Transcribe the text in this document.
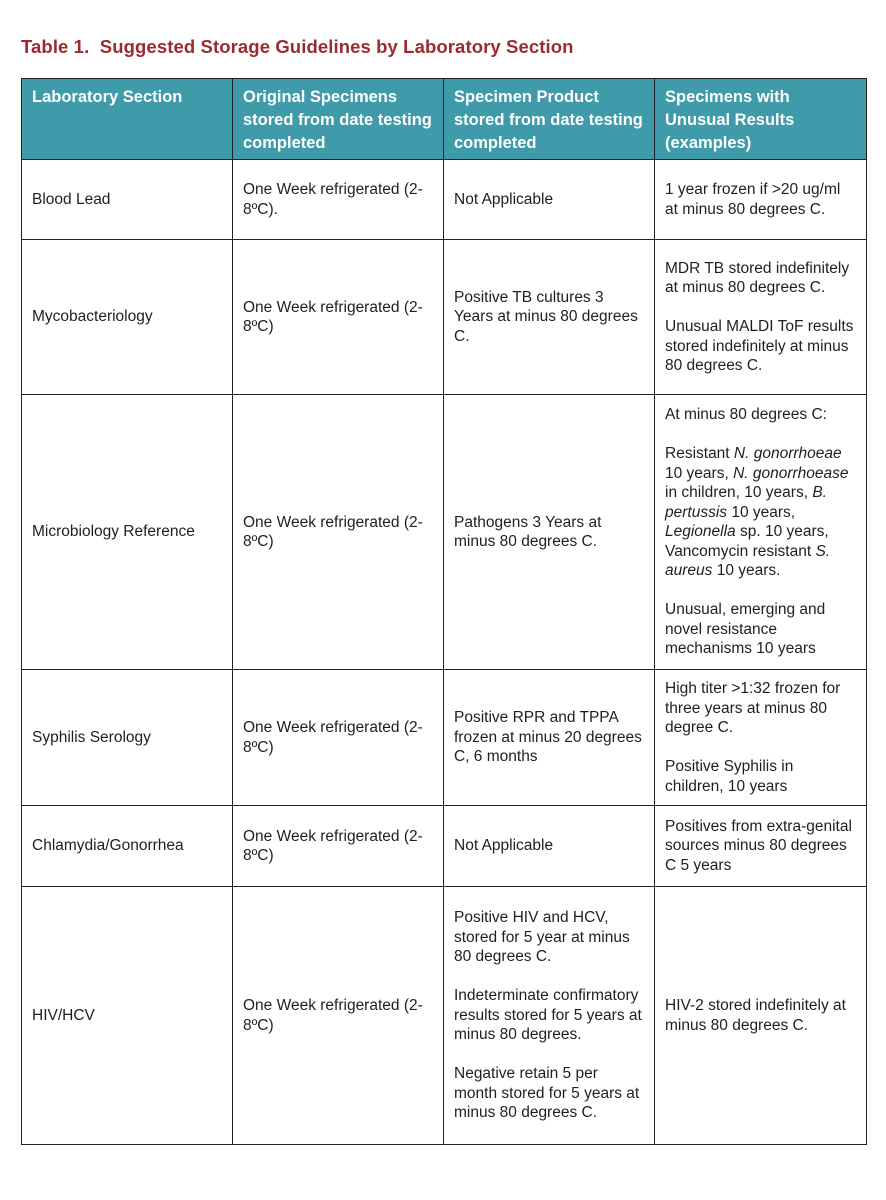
Table 1.  Suggested Storage Guidelines by Laboratory Section
Laboratory Section	Original Specimens stored from date testing completed	Specimen Product stored from date testing completed	Specimens with Unusual Results (examples)
Blood Lead	One Week refrigerated (2-8ºC).	Not Applicable	1 year frozen if >20 ug/ml at minus 80 degrees C.

Mycobacteriology	One Week refrigerated (2-8ºC)	Positive TB cultures 3 Years at minus 80 degrees C.	MDR TB stored indefinitely at minus 80 degrees C.
Unusual MALDI ToF results stored indefinitely at minus 80 degrees C.

Microbiology Reference	One Week refrigerated (2-8ºC)	Pathogens 3 Years at minus 80 degrees C.	At minus 80 degrees C:
Resistant N. gonorrhoeae 10 years, N. gonorrhoease in children, 10 years, B. pertussis 10 years, Legionella sp. 10 years, Vancomycin resistant S. aureus 10 years.
Unusual, emerging and novel resistance mechanisms 10 years

Syphilis Serology	One Week refrigerated (2-8ºC)	Positive RPR and TPPA frozen at minus 20 degrees C, 6 months	High titer >1:32 frozen for three years at minus 80 degree C.
Positive Syphilis in children, 10 years

Chlamydia/Gonorrhea	One Week refrigerated (2-8ºC)	Not Applicable	Positives from extra-genital sources minus 80 degrees C 5 years

HIV/HCV	One Week refrigerated (2-8ºC)	Positive HIV and HCV, stored for 5 year at minus 80 degrees C.
Indeterminate confirmatory results stored for 5 years at minus 80 degrees.
Negative retain 5 per month stored for 5 years at minus 80 degrees C.	HIV-2 stored indefinitely at minus 80 degrees C.
